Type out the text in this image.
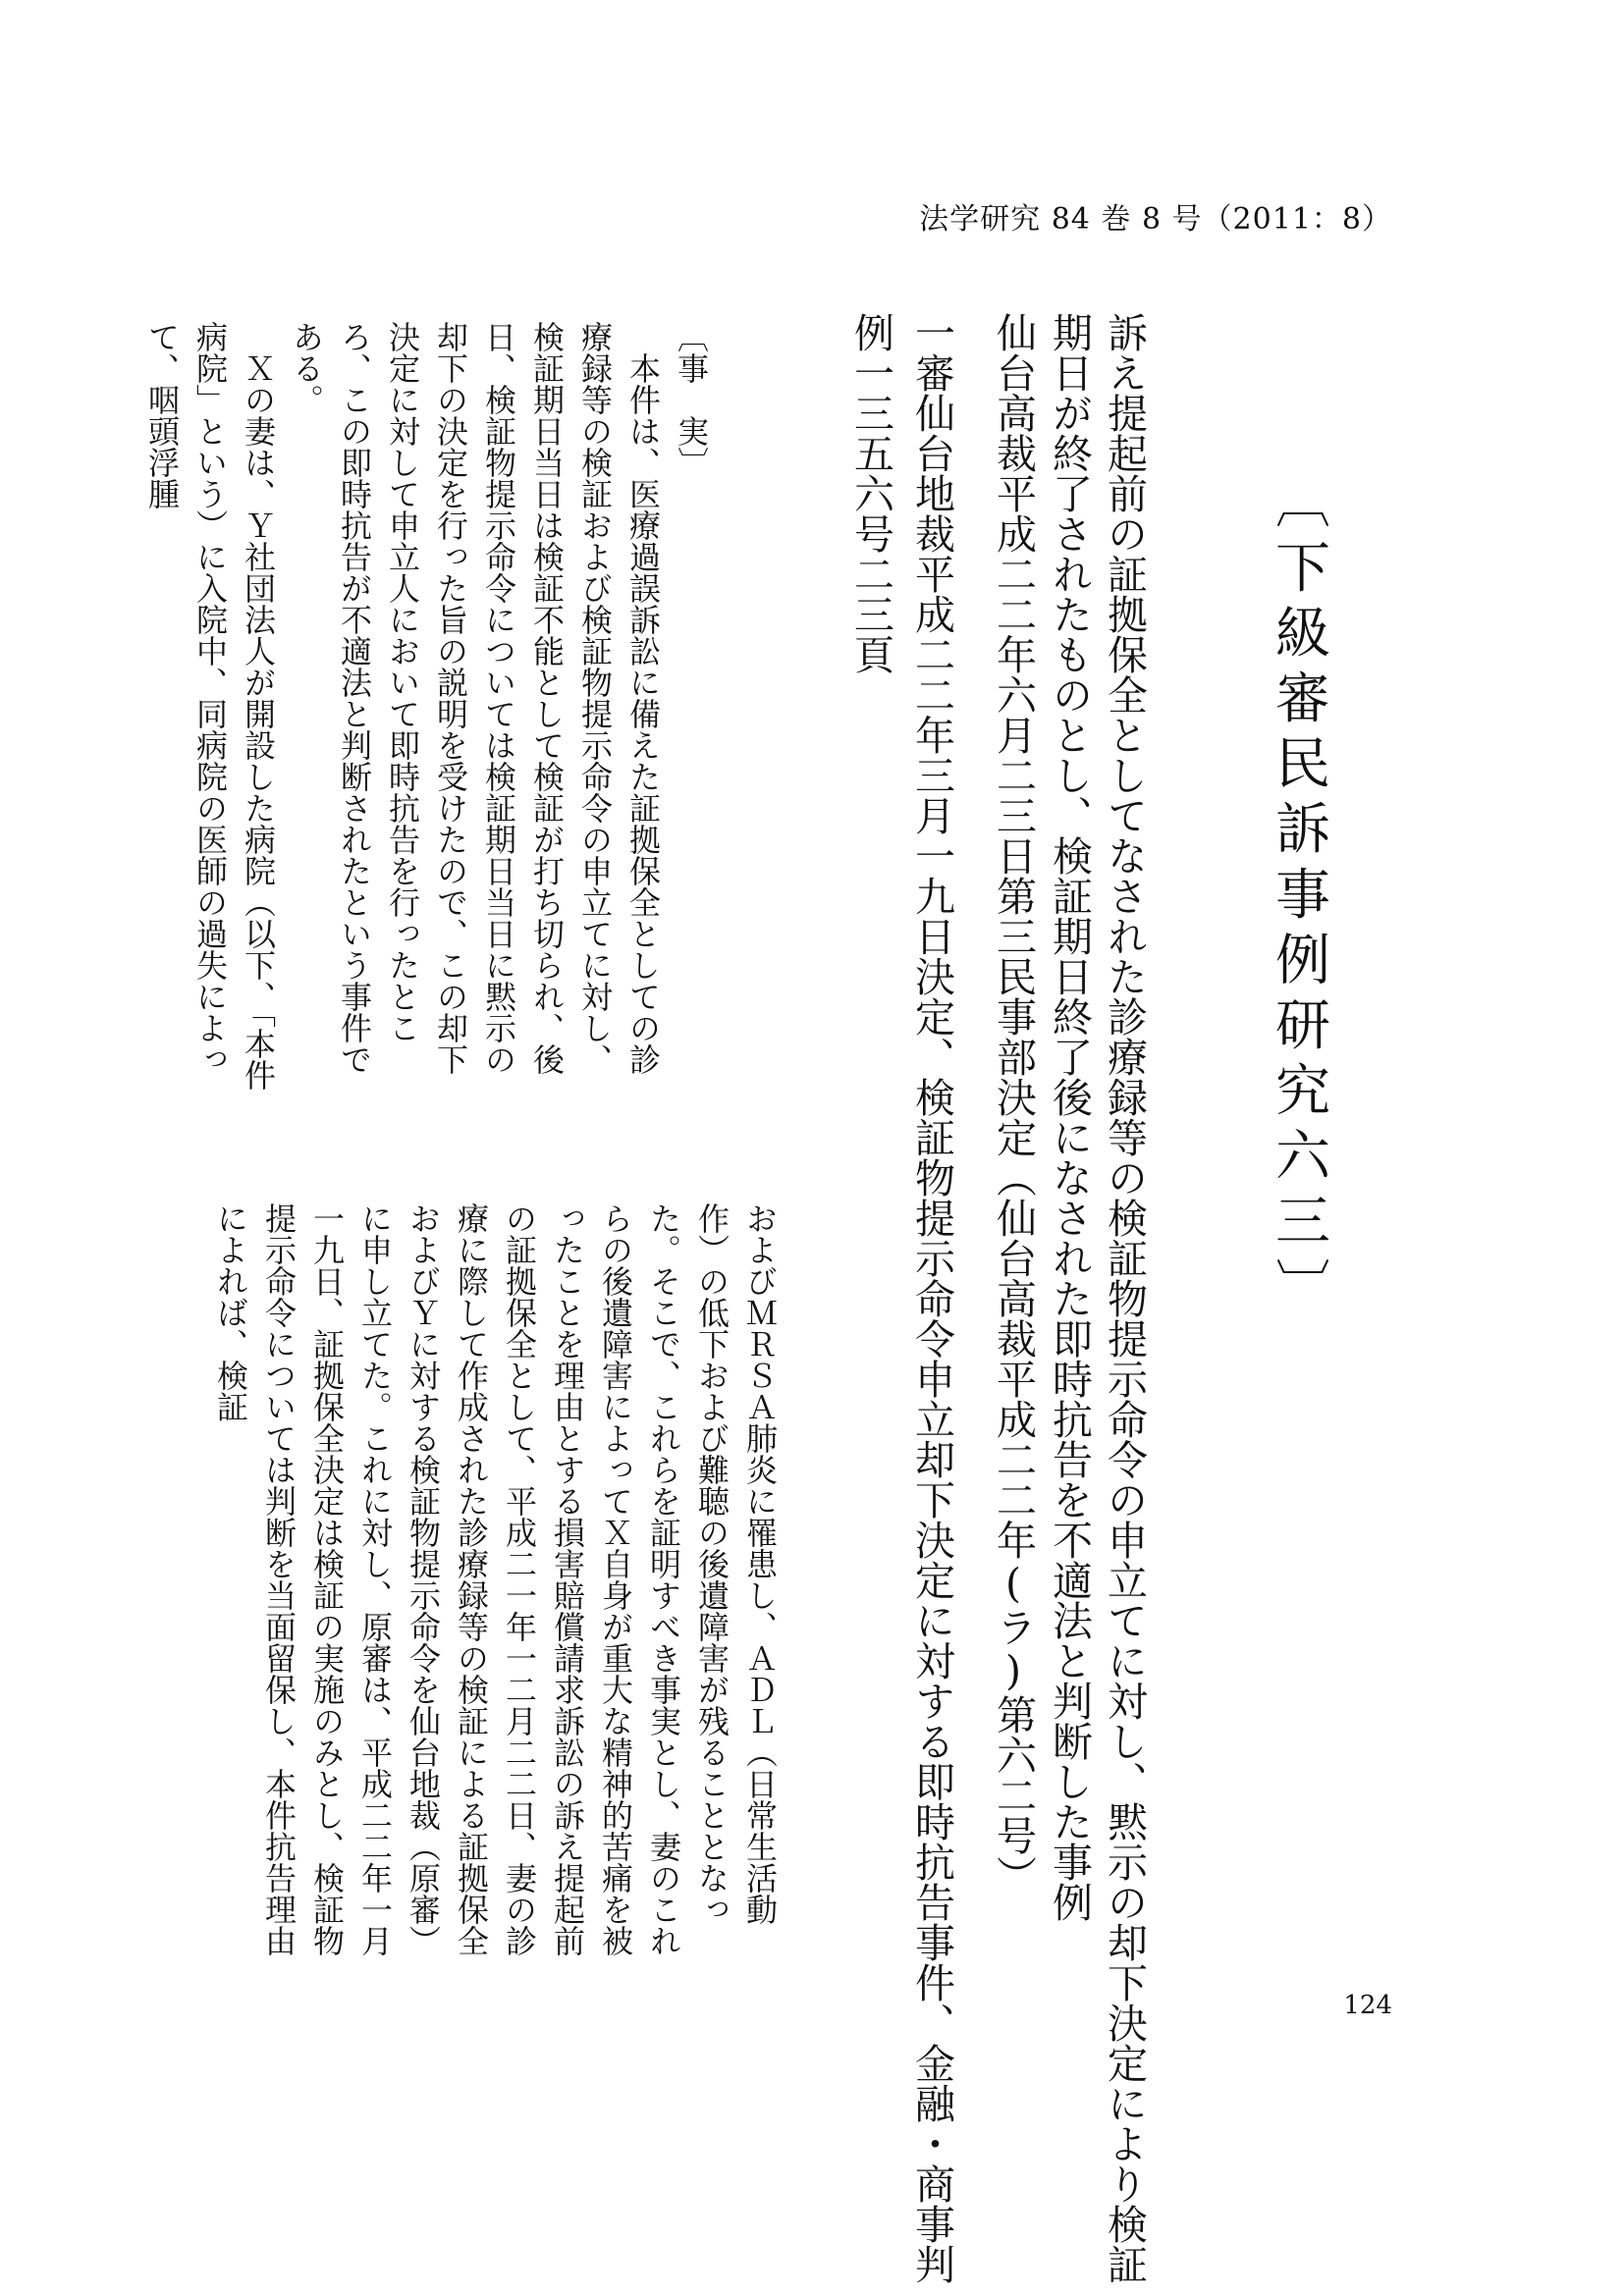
法学研究 84 巻 8 号（2011：8）
〔下級審民訴事例研究六三〕
訴え提起前の証拠保全としてなされた診療録等の検証物提示命令の申立てに対し、黙示の却下決定により検証
期日が終了されたものとし、検証期日終了後になされた即時抗告を不適法と判断した事例
仙台高裁平成二二年六月二三日第三民事部決定（仙台高裁平成二二年(ラ)第六二号）
一審仙台地裁平成二二年三月一九日決定、検証物提示命令申立却下決定に対する即時抗告事件、金融・商事判
例一三五六号二三頁

〔事　実〕

本件は、医療過誤訴訟に備えた証拠保全としての診療録等の検証および検証物提示命令の申立てに対し、検証期日当日は検証不能として検証が打ち切られ、後日、検証物提示命令については検証期日当日に黙示の却下の決定を行った旨の説明を受けたので、この却下決定に対して申立人において即時抗告を行ったところ、この即時抗告が不適法と判断されたという事件である。

Ｘの妻は、Ｙ社団法人が開設した病院（以下、「本件病院」という）に入院中、同病院の医師の過失によって、咽頭浮腫

およびＭＲＳＡ肺炎に罹患し、ＡＤＬ（日常生活動作）の低下および難聴の後遺障害が残ることとなった。そこで、これらを証明すべき事実とし、妻のこれらの後遺障害によってＸ自身が重大な精神的苦痛を被ったことを理由とする損害賠償請求訴訟の訴え提起前の証拠保全として、平成二一年一二月二二日、妻の診療に際して作成された診療録等の検証による証拠保全およびＹに対する検証物提示命令を仙台地裁（原審）に申し立てた。これに対し、原審は、平成二二年一月一九日、証拠保全決定は検証の実施のみとし、検証物提示命令については判断を当面留保し、本件抗告理由によれば、検証

124
